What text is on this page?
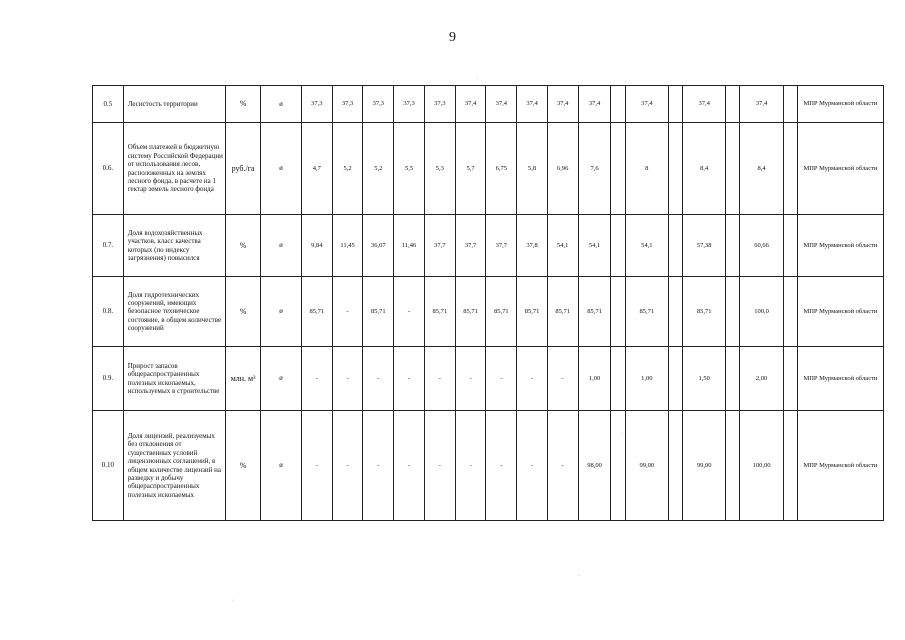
9
0.5	Лесистость территории	%	ø	37,3	37,3	37,3	37,3	37,3	37,4	37,4	37,4	37,4	37,4		37,4		37,4		37,4		МПР Мурманской области
0.6.	Объем платежей в бюджетную систему Российской Федерации от использования лесов, расположенных на землях лесного фонда, в расчете на 1 гектар земель лесного фонда	руб./га	ø	4,7	5,2	5,2	5,5	5,3	5,7	6,75	5,8	6,96	7,6		8		8,4		8,4		МПР Мурманской области
0.7.	Доля водохозяйственных участков, класс качества которых (по индексу загрязнения) повысился	%	ø	9,84	11,45	36,07	11,46	37,7	37,7	37,7	37,8	54,1	54,1		54,1		57,38		60,66		МПР Мурманской области
0.8.	Доля гидротехнических сооружений, имеющих безопасное техническое состояние, в общем количестве сооружений	%	ø	85,71	-	85,71	-	85,71	85,71	85,71	85,71	85,71	85,71		85,71		85,71		100,0		МПР Мурманской области
0.9.	Прирост запасов общераспространенных полезных ископаемых, используемых в строительстве	млн. м³	ø	-	-	-	-	-	-	-	-	-	1,00		1,00		1,50		2,00		МПР Мурманской области
0.10	Доля лицензий, реализуемых без отклонения от существенных условий лицензионных соглашений, в общем количестве лицензий на разведку и добычу общераспространенных полезных ископаемых	%	ø	-	-	-	-	-	-	-	-	-	98,00		99,00		99,00		100,00		МПР Мурманской области
·
·
·
·
